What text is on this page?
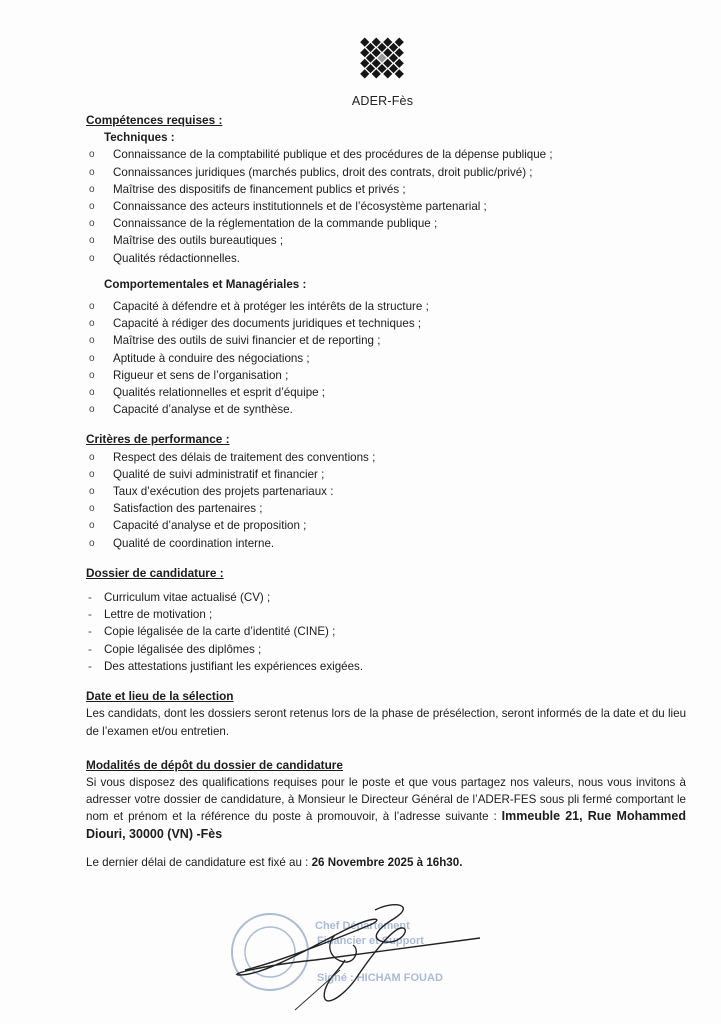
ADER-Fès
Compétences requises :
Techniques :
o Connaissance de la comptabilité publique et des procédures de la dépense publique ;
o Connaissances juridiques (marchés publics, droit des contrats, droit public/privé) ;
o Maîtrise des dispositifs de financement publics et privés ;
o Connaissance des acteurs institutionnels et de l’écosystème partenarial ;
o Connaissance de la réglementation de la commande publique ;
o Maîtrise des outils bureautiques ;
o Qualités rédactionnelles.
Comportementales et Managériales :
o Capacité à défendre et à protéger les intérêts de la structure ;
o Capacité à rédiger des documents juridiques et techniques ;
o Maîtrise des outils de suivi financier et de reporting ;
o Aptitude à conduire des négociations ;
o Rigueur et sens de l’organisation ;
o Qualités relationnelles et esprit d’équipe ;
o Capacité d’analyse et de synthèse.
Critères de performance :
o Respect des délais de traitement des conventions ;
o Qualité de suivi administratif et financier ;
o Taux d’exécution des projets partenariaux :
o Satisfaction des partenaires ;
o Capacité d’analyse et de proposition ;
o Qualité de coordination interne.
Dossier de candidature :
- Curriculum vitae actualisé (CV) ;
- Lettre de motivation ;
- Copie légalisée de la carte d’identité (CINE) ;
- Copie légalisée des diplômes ;
- Des attestations justifiant les expériences exigées.
Date et lieu de la sélection
Les candidats, dont les dossiers seront retenus lors de la phase de présélection, seront informés de la date et du lieu de l’examen et/ou entretien.
Modalités de dépôt du dossier de candidature
Si vous disposez des qualifications requises pour le poste et que vous partagez nos valeurs, nous vous invitons à adresser votre dossier de candidature, à Monsieur le Directeur Général de l’ADER-FES sous pli fermé comportant le nom et prénom et la référence du poste à promouvoir, à l’adresse suivante : Immeuble 21, Rue Mohammed Diouri, 30000 (VN) -Fès
Le dernier délai de candidature est fixé au : 26 Novembre 2025 à 16h30.
Chef Département
Financier et Support
Signé : HICHAM FOUAD
